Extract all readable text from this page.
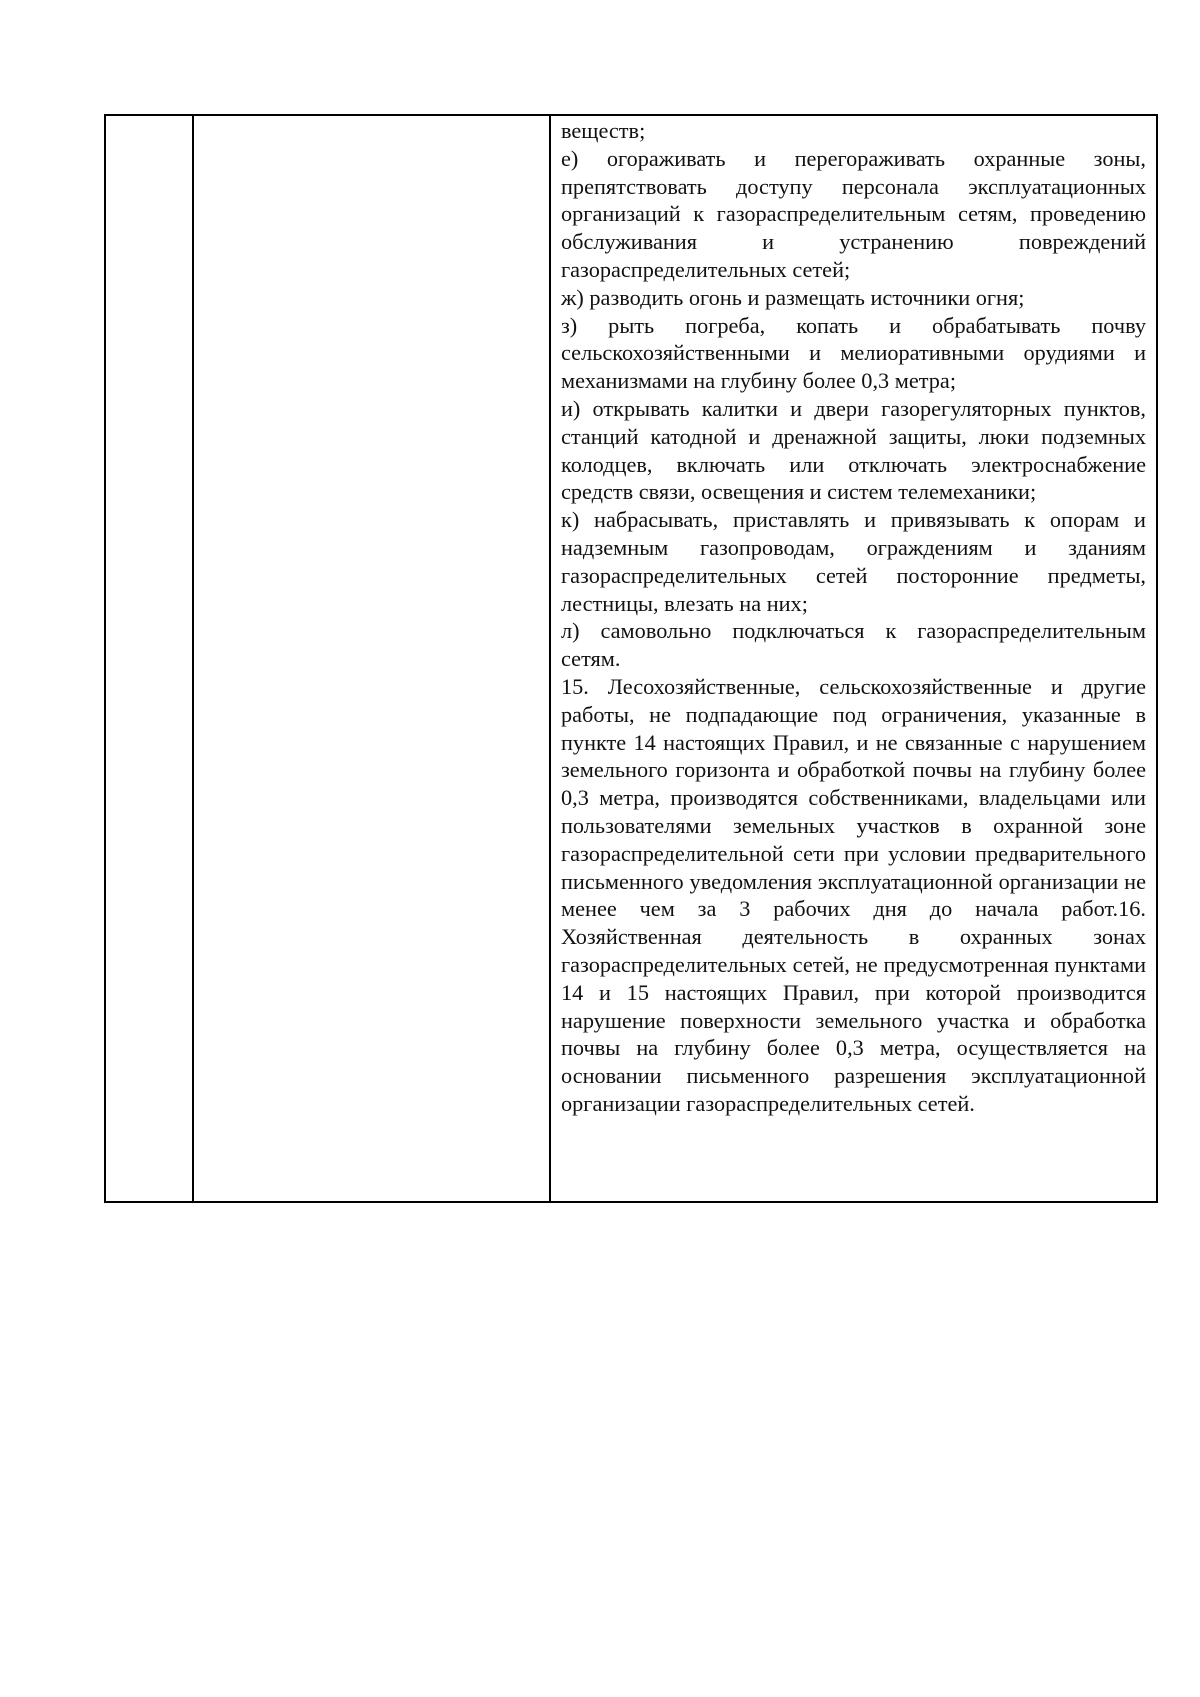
веществ;

е) огораживать и перегораживать охранные зоны, препятствовать доступу персонала эксплуатационных организаций к газораспределительным сетям, проведению обслуживания и устранению повреждений газораспределительных сетей;

ж) разводить огонь и размещать источники огня;

з) рыть погреба, копать и обрабатывать почву сельскохозяйственными и мелиоративными орудиями и механизмами на глубину более 0,3 метра;

и) открывать калитки и двери газорегуляторных пунктов, станций катодной и дренажной защиты, люки подземных колодцев, включать или отключать электроснабжение средств связи, освещения и систем телемеханики;

к) набрасывать, приставлять и привязывать к опорам и надземным газопроводам, ограждениям и зданиям газораспределительных сетей посторонние предметы, лестницы, влезать на них;

л) самовольно подключаться к газораспределительным сетям.

15. Лесохозяйственные, сельскохозяйственные и другие работы, не подпадающие под ограничения, указанные в пункте 14 настоящих Правил, и не связанные с нарушением земельного горизонта и обработкой почвы на глубину более 0,3 метра, производятся собственниками, владельцами или пользователями земельных участков в охранной зоне газораспределительной сети при условии предварительного письменного уведомления эксплуатационной организации не менее чем за 3 рабочих дня до начала работ.16. Хозяйственная деятельность в охранных зонах газораспределительных сетей, не предусмотренная пунктами 14 и 15 настоящих Правил, при которой производится нарушение поверхности земельного участка и обработка почвы на глубину более 0,3 метра, осуществляется на основании письменного разрешения эксплуатационной организации газораспределительных сетей.
